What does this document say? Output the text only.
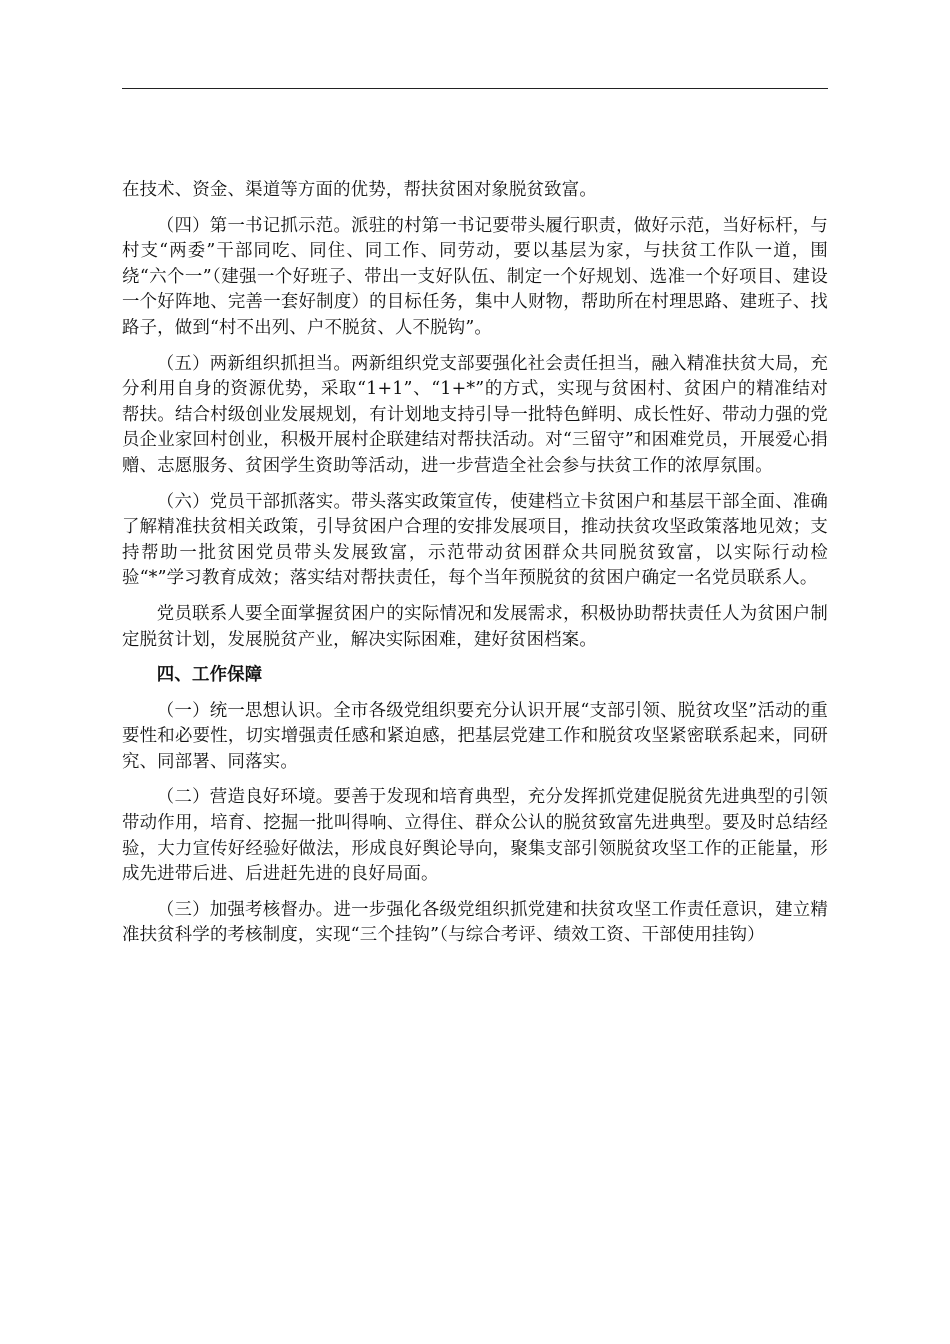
在技术、资金、渠道等方面的优势，帮扶贫困对象脱贫致富。

（四）第一书记抓示范。派驻的村第一书记要带头履行职责，做好示范，当好标杆，与村支“两委”干部同吃、同住、同工作、同劳动，要以基层为家，与扶贫工作队一道，围绕“六个一”（建强一个好班子、带出一支好队伍、制定一个好规划、选准一个好项目、建设一个好阵地、完善一套好制度）的目标任务，集中人财物，帮助所在村理思路、建班子、找路子，做到“村不出列、户不脱贫、人不脱钩”。

（五）两新组织抓担当。两新组织党支部要强化社会责任担当，融入精准扶贫大局，充分利用自身的资源优势，采取“1+1”、“1+*”的方式，实现与贫困村、贫困户的精准结对帮扶。结合村级创业发展规划，有计划地支持引导一批特色鲜明、成长性好、带动力强的党员企业家回村创业，积极开展村企联建结对帮扶活动。对“三留守”和困难党员，开展爱心捐赠、志愿服务、贫困学生资助等活动，进一步营造全社会参与扶贫工作的浓厚氛围。

（六）党员干部抓落实。带头落实政策宣传，使建档立卡贫困户和基层干部全面、准确了解精准扶贫相关政策，引导贫困户合理的安排发展项目，推动扶贫攻坚政策落地见效；支持帮助一批贫困党员带头发展致富，示范带动贫困群众共同脱贫致富，以实际行动检验“*”学习教育成效；落实结对帮扶责任，每个当年预脱贫的贫困户确定一名党员联系人。

党员联系人要全面掌握贫困户的实际情况和发展需求，积极协助帮扶责任人为贫困户制定脱贫计划，发展脱贫产业，解决实际困难，建好贫困档案。

四、工作保障

（一）统一思想认识。全市各级党组织要充分认识开展“支部引领、脱贫攻坚”活动的重要性和必要性，切实增强责任感和紧迫感，把基层党建工作和脱贫攻坚紧密联系起来，同研究、同部署、同落实。

（二）营造良好环境。要善于发现和培育典型，充分发挥抓党建促脱贫先进典型的引领带动作用，培育、挖掘一批叫得响、立得住、群众公认的脱贫致富先进典型。要及时总结经验，大力宣传好经验好做法，形成良好舆论导向，聚集支部引领脱贫攻坚工作的正能量，形成先进带后进、后进赶先进的良好局面。

（三）加强考核督办。进一步强化各级党组织抓党建和扶贫攻坚工作责任意识，建立精准扶贫科学的考核制度，实现“三个挂钩”（与综合考评、绩效工资、干部使用挂钩）
